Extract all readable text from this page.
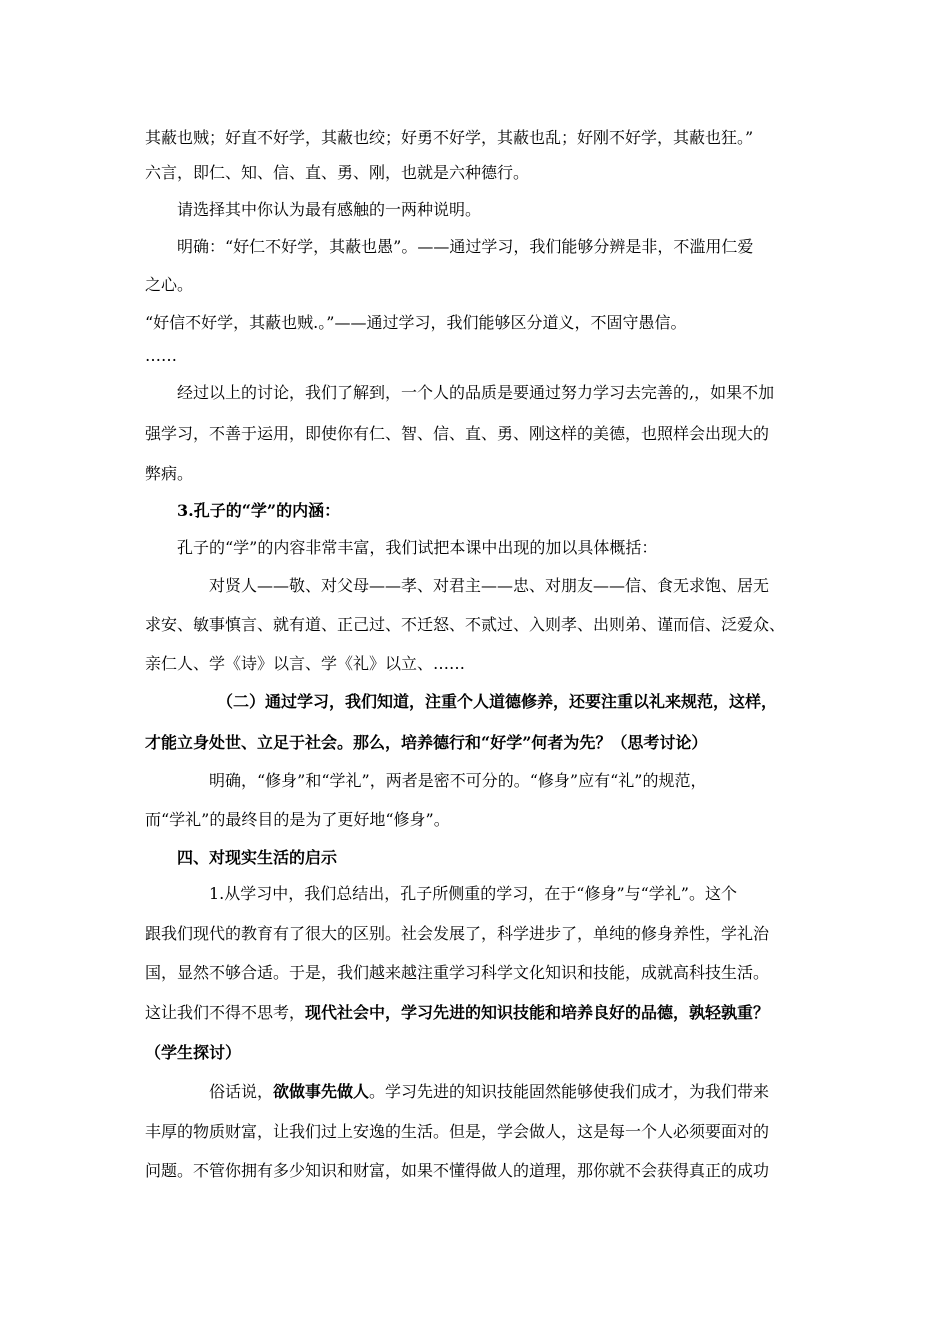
其蔽也贼；好直不好学，其蔽也绞；好勇不好学，其蔽也乱；好刚不好学，其蔽也狂。”
六言，即仁、知、信、直、勇、刚，也就是六种德行。
请选择其中你认为最有感触的一两种说明。
明确：“好仁不好学，其蔽也愚”。——通过学习，我们能够分辨是非，不滥用仁爱
之心。
“好信不好学，其蔽也贼.。”——通过学习，我们能够区分道义，不固守愚信。
……
经过以上的讨论，我们了解到，一个人的品质是要通过努力学习去完善的,，如果不加
强学习，不善于运用，即使你有仁、智、信、直、勇、刚这样的美德，也照样会出现大的
弊病。
3.孔子的“学”的内涵：
孔子的“学”的内容非常丰富，我们试把本课中出现的加以具体概括：
对贤人——敬、对父母——孝、对君主——忠、对朋友——信、食无求饱、居无
求安、敏事慎言、就有道、正己过、不迁怒、不贰过、入则孝、出则弟、谨而信、泛爱众、
亲仁人、学《诗》以言、学《礼》以立、……
（二）通过学习，我们知道，注重个人道德修养，还要注重以礼来规范，这样，
才能立身处世、立足于社会。那么，培养德行和“好学”何者为先？（思考讨论）
明确，“修身”和“学礼”，两者是密不可分的。“修身”应有“礼”的规范，
而“学礼”的最终目的是为了更好地“修身”。
四、对现实生活的启示
1.从学习中，我们总结出，孔子所侧重的学习，在于“修身”与“学礼”。这个
跟我们现代的教育有了很大的区别。社会发展了，科学进步了，单纯的修身养性，学礼治
国，显然不够合适。于是，我们越来越注重学习科学文化知识和技能，成就高科技生活。
这让我们不得不思考，现代社会中，学习先进的知识技能和培养良好的品德，孰轻孰重？
（学生探讨）
俗话说，欲做事先做人。学习先进的知识技能固然能够使我们成才，为我们带来
丰厚的物质财富，让我们过上安逸的生活。但是，学会做人，这是每一个人必须要面对的
问题。不管你拥有多少知识和财富，如果不懂得做人的道理，那你就不会获得真正的成功
